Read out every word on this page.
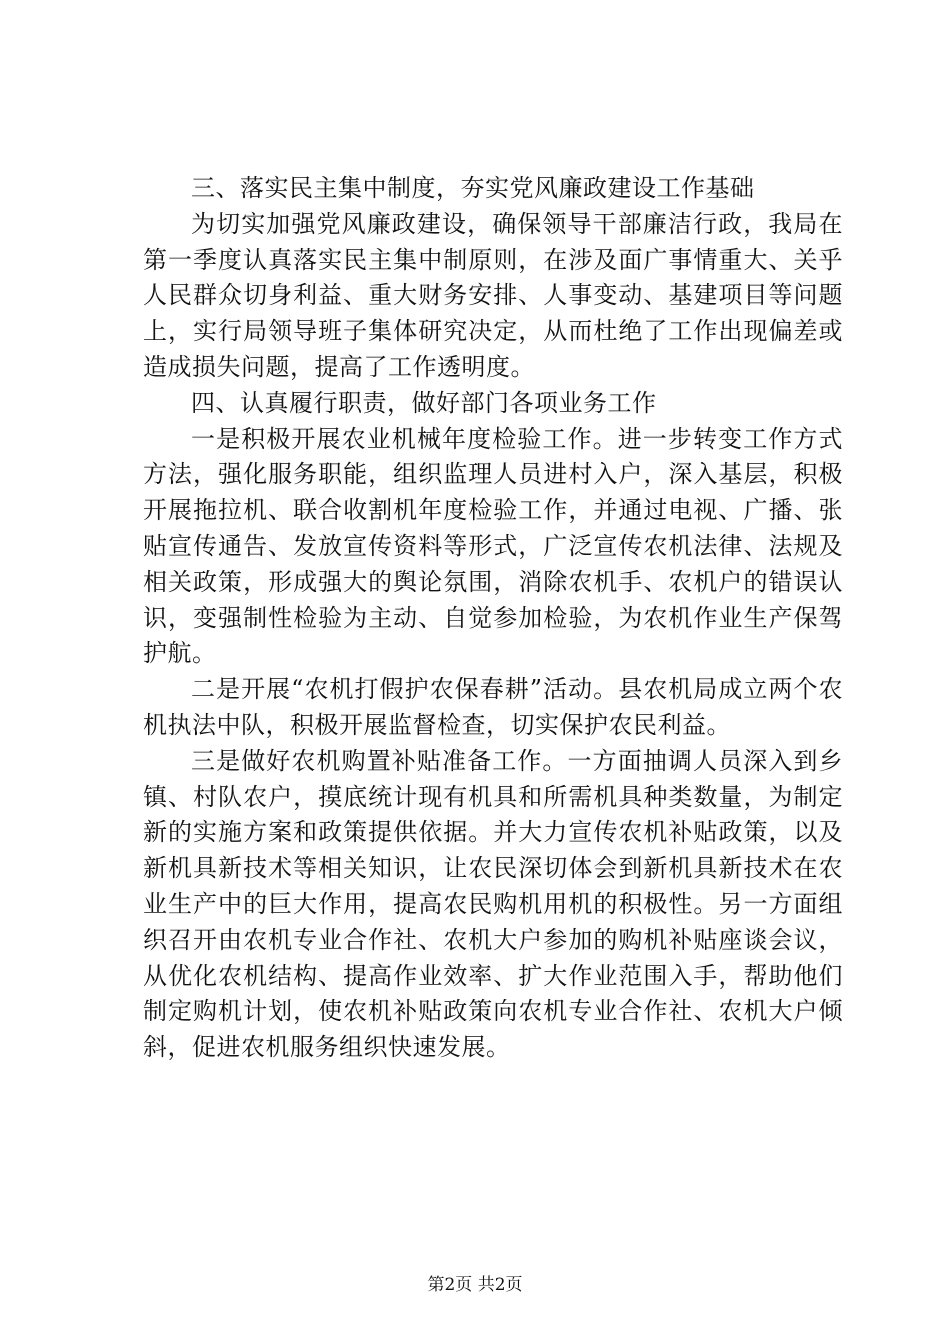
三、落实民主集中制度，夯实党风廉政建设工作基础

为切实加强党风廉政建设，确保领导干部廉洁行政，我局在第一季度认真落实民主集中制原则，在涉及面广事情重大、关乎人民群众切身利益、重大财务安排、人事变动、基建项目等问题上，实行局领导班子集体研究决定，从而杜绝了工作出现偏差或造成损失问题，提高了工作透明度。

四、认真履行职责，做好部门各项业务工作

一是积极开展农业机械年度检验工作。进一步转变工作方式方法，强化服务职能，组织监理人员进村入户，深入基层，积极开展拖拉机、联合收割机年度检验工作，并通过电视、广播、张贴宣传通告、发放宣传资料等形式，广泛宣传农机法律、法规及相关政策，形成强大的舆论氛围，消除农机手、农机户的错误认识，变强制性检验为主动、自觉参加检验，为农机作业生产保驾护航。

二是开展“农机打假护农保春耕”活动。县农机局成立两个农机执法中队，积极开展监督检查，切实保护农民利益。

三是做好农机购置补贴准备工作。一方面抽调人员深入到乡镇、村队农户，摸底统计现有机具和所需机具种类数量，为制定新的实施方案和政策提供依据。并大力宣传农机补贴政策，以及新机具新技术等相关知识，让农民深切体会到新机具新技术在农业生产中的巨大作用，提高农民购机用机的积极性。另一方面组织召开由农机专业合作社、农机大户参加的购机补贴座谈会议，从优化农机结构、提高作业效率、扩大作业范围入手，帮助他们制定购机计划，使农机补贴政策向农机专业合作社、农机大户倾斜，促进农机服务组织快速发展。

第2页 共2页
